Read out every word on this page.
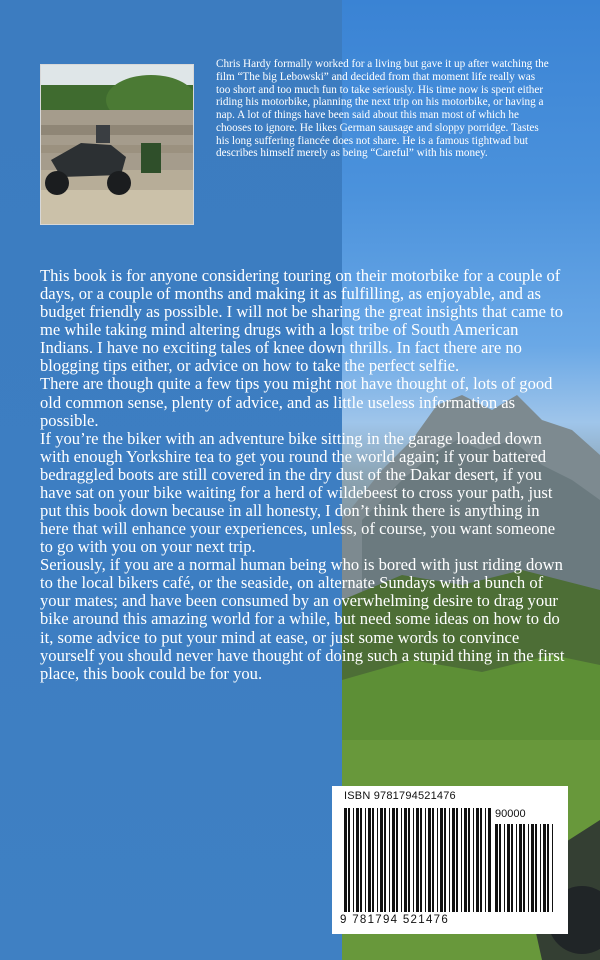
Chris Hardy formally worked for a living but gave it up after watching the film “The big Lebowski” and decided from that moment life really was too short and too much fun to take seriously. His time now is spent either riding his motorbike, planning the next trip on his motorbike, or having a nap. A lot of things have been said about this man most of which he chooses to ignore. He likes German sausage and sloppy porridge. Tastes his long suffering fiancée does not share. He is a famous tightwad but describes himself merely as being “Careful” with his money.

This book is for anyone considering touring on their motorbike for a couple of days, or a couple of months and making it as fulfilling, as enjoyable, and as budget friendly as possible. I will not be sharing the great insights that came to me while taking mind altering drugs with a lost tribe of South American Indians. I have no exciting tales of knee down thrills. In fact there are no blogging tips either, or advice on how to take the perfect selfie.

There are though quite a few tips you might not have thought of, lots of good old common sense, plenty of advice, and as little useless information as possible.

If you’re the biker with an adventure bike sitting in the garage loaded down with enough Yorkshire tea to get you round the world again; if your battered bedraggled boots are still covered in the dry dust of the Dakar desert, if you have sat on your bike waiting for a herd of wildebeest to cross your path, just put this book down because in all honesty, I don’t think there is anything in here that will enhance your experiences, unless, of course, you want someone to go with you on your next trip.

Seriously, if you are a normal human being who is bored with just riding down to the local bikers café, or the seaside, on alternate Sundays with a bunch of your mates; and have been consumed by an overwhelming desire to drag your bike around this amazing world for a while, but need some ideas on how to do it, some advice to put your mind at ease, or just some words to convince yourself you should never have thought of doing such a stupid thing in the first place, this book could be for you.

ISBN 9781794521476
90000
9 781794 521476
